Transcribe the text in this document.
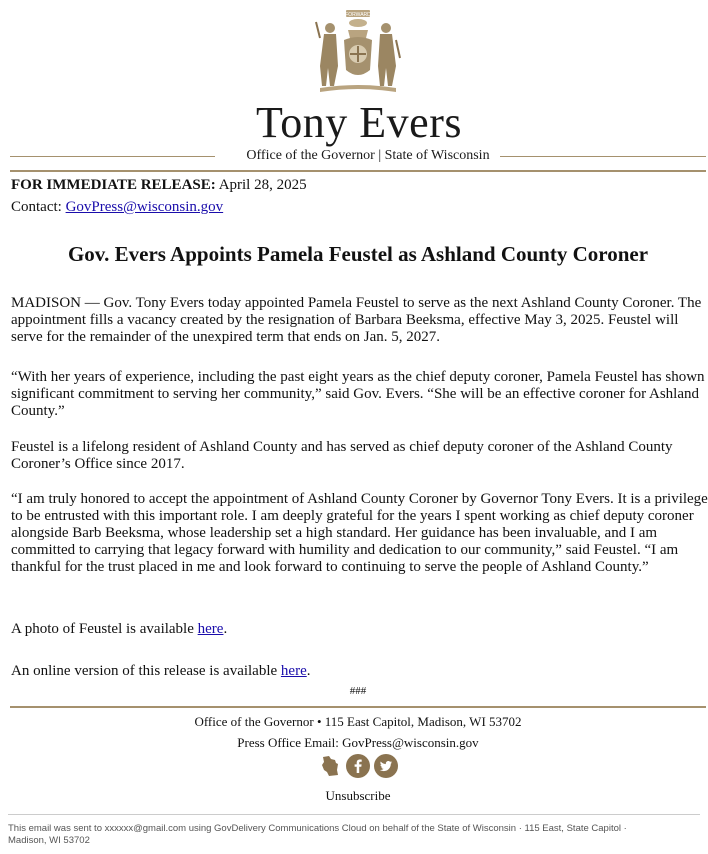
FORWARD
Tony Evers
Office of the Governor | State of Wisconsin
FOR IMMEDIATE RELEASE: April 28, 2025
Contact: GovPress@wisconsin.gov
Gov. Evers Appoints Pamela Feustel as Ashland County Coroner
MADISON — Gov. Tony Evers today appointed Pamela Feustel to serve as the next Ashland County Coroner. The appointment fills a vacancy created by the resignation of Barbara Beeksma, effective May 3, 2025. Feustel will serve for the remainder of the unexpired term that ends on Jan. 5, 2027.
“With her years of experience, including the past eight years as the chief deputy coroner, Pamela Feustel has shown significant commitment to serving her community,” said Gov. Evers. “She will be an effective coroner for Ashland County.”
Feustel is a lifelong resident of Ashland County and has served as chief deputy coroner of the Ashland County Coroner’s Office since 2017.
“I am truly honored to accept the appointment of Ashland County Coroner by Governor Tony Evers. It is a privilege to be entrusted with this important role. I am deeply grateful for the years I spent working as chief deputy coroner alongside Barb Beeksma, whose leadership set a high standard. Her guidance has been invaluable, and I am committed to carrying that legacy forward with humility and dedication to our community,” said Feustel. “I am thankful for the trust placed in me and look forward to continuing to serve the people of Ashland County.”
A photo of Feustel is available here.
An online version of this release is available here.
###
Office of the Governor • 115 East Capitol, Madison, WI 53702
Press Office Email: GovPress@wisconsin.gov
Unsubscribe
This email was sent to xxxxxx@gmail.com using GovDelivery Communications Cloud on behalf of the State of Wisconsin · 115 East, State Capitol · Madison, WI 53702
